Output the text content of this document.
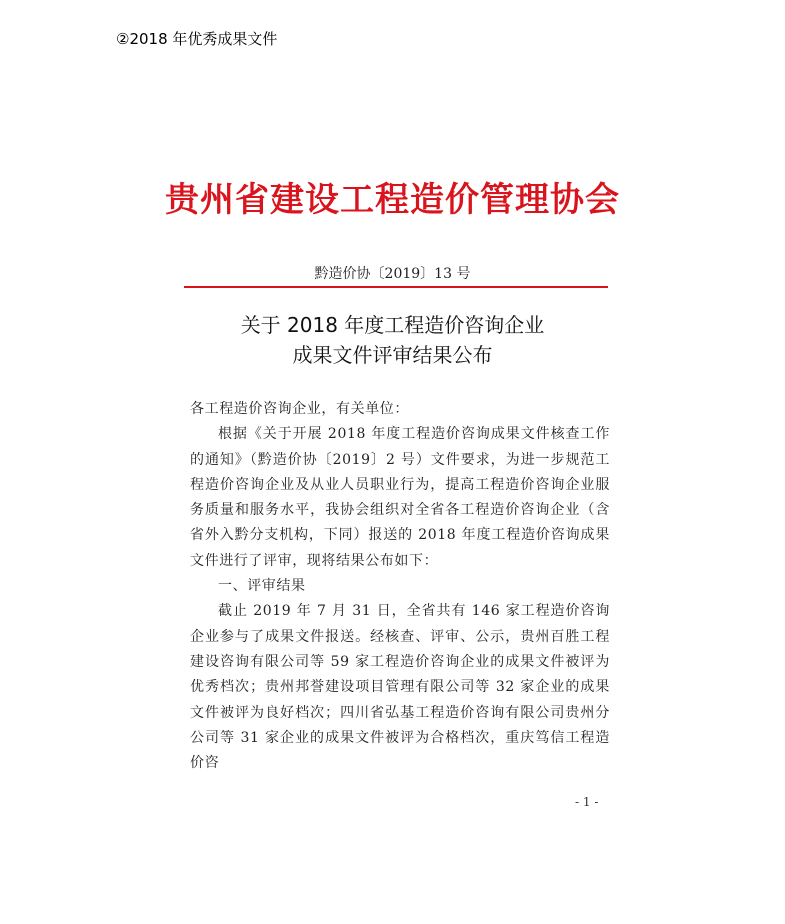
②2018 年优秀成果文件
贵州省建设工程造价管理协会
黔造价协〔2019〕13 号
关于 2018 年度工程造价咨询企业
成果文件评审结果公布

各工程造价咨询企业，有关单位：

根据《关于开展 2018 年度工程造价咨询成果文件核查工作的通知》（黔造价协〔2019〕2 号）文件要求，为进一步规范工程造价咨询企业及从业人员职业行为，提高工程造价咨询企业服务质量和服务水平，我协会组织对全省各工程造价咨询企业（含省外入黔分支机构，下同）报送的 2018 年度工程造价咨询成果文件进行了评审，现将结果公布如下：

一、评审结果

截止 2019 年 7 月 31 日，全省共有 146 家工程造价咨询企业参与了成果文件报送。经核查、评审、公示，贵州百胜工程建设咨询有限公司等 59 家工程造价咨询企业的成果文件被评为优秀档次；贵州邦誉建设项目管理有限公司等 32 家企业的成果文件被评为良好档次；四川省弘基工程造价咨询有限公司贵州分公司等 31 家企业的成果文件被评为合格档次，重庆笃信工程造价咨

- 1 -
